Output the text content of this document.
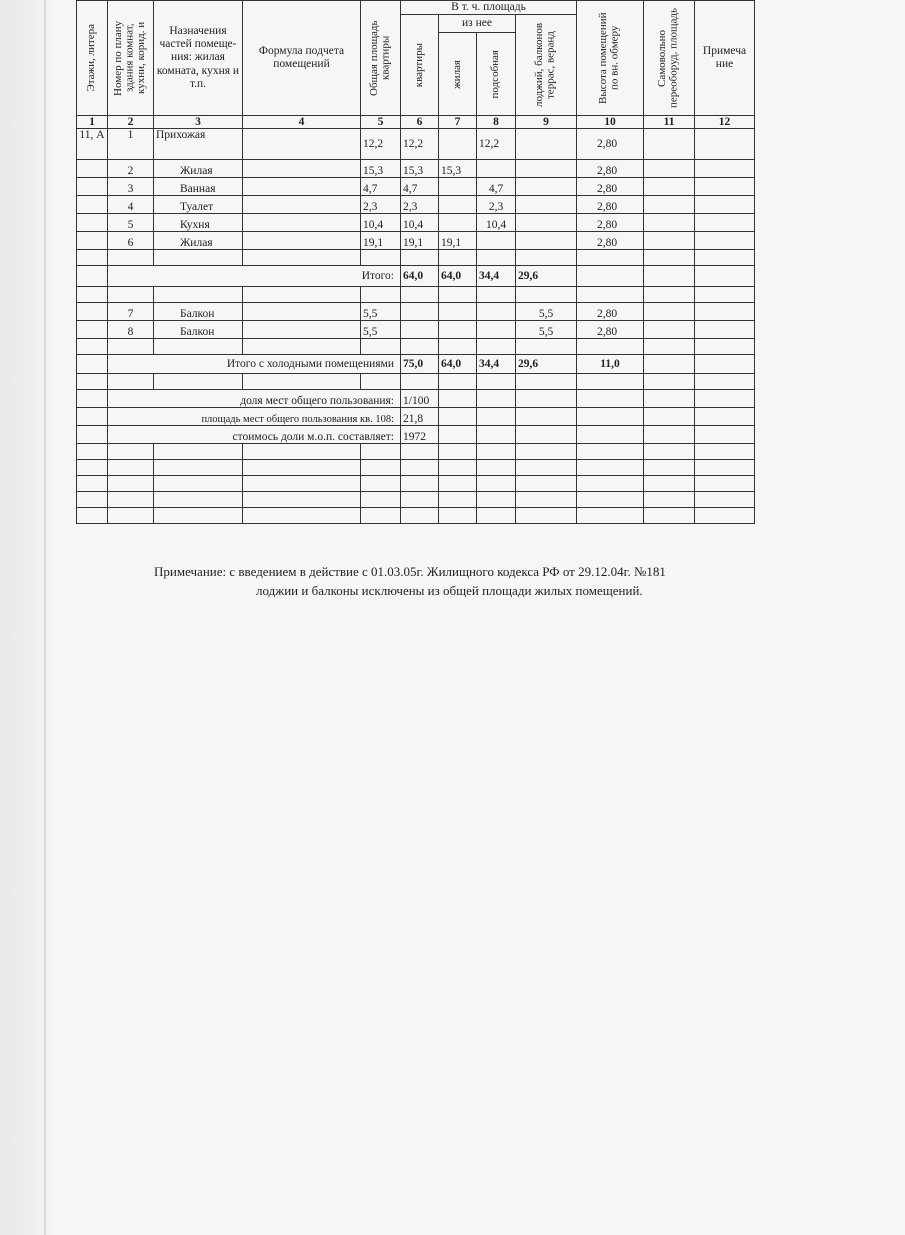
Этажи, литера	Номер по плану здания комнат, кухни, корид. и	Назначения частей помеще-ния: жилая комната, кухня и т.п.	Формула подчета помещений	Общая площадь квартиры	В т. ч. площадь				Высота помещений по вн. обмеру	Самовольно переобоpуд. площадь	Примеча ние	

					квартиры	из нее		лоджий, балконов террас, веранд				

						жилая	подсобная					

1	2	3	4	5	6	7	8	9	10	11	12	
11, А	1	Прихожая		12,2	12,2		12,2		2,80			
	2	Жилая		15,3	15,3	15,3			2,80			
	3	Ванная		4,7	4,7		4,7		2,80			
	4	Туалет		2,3	2,3		2,3		2,80			
	5	Кухня		10,4	10,4		10,4		2,80			
	6	Жилая		19,1	19,1	19,1			2,80			

	Итого:				64,0	64,0	34,4	29,6				

	7	Балкон		5,5				5,5	2,80			
	8	Балкон		5,5				5,5	2,80			

	Итого с холодными помещениями				75,0	64,0	34,4	29,6	11,0			

	доля мест общего пользования:				1/100							
	площадь мест общего пользования кв. 108:				21,8							
	стоимось доли м.о.п. составляет:				1972							

Примечание: с введением в действие с 01.03.05г. Жилищного кодекса РФ от 29.12.04г. №181
лоджии и балконы исключены из общей площади жилых помещений.
